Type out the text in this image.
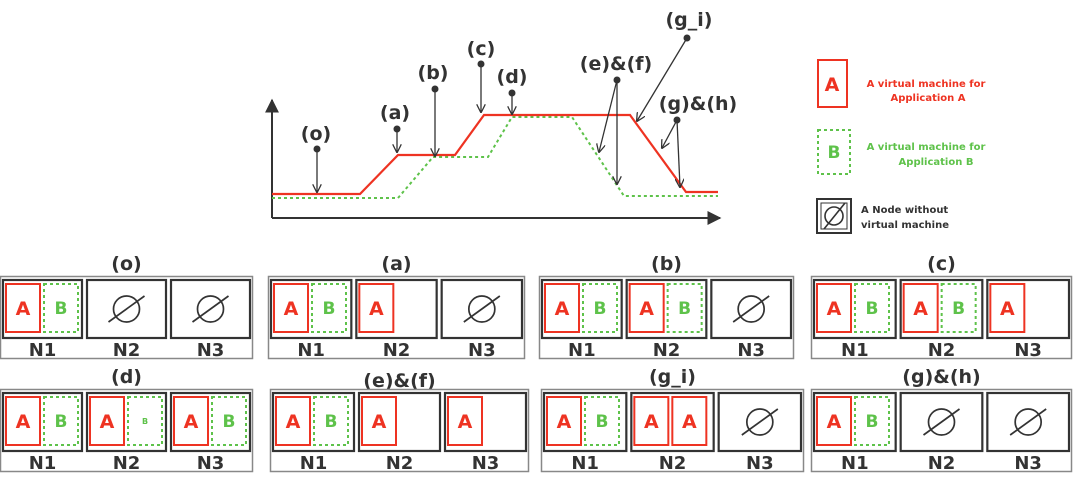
(o)
(a)
(b)
(c)
(d)
(e)&(f)
(g_i)
(g)&(h)
A	A virtual machine for
Application A
B	A virtual machine for
Application B
A Node without
virtual machine
(o)
A B
N1	N2	N3
(a)
A B
N1
A
N2	N3
(b)
A B
N1
A B
N2	N3
(c)
A B
N1
A B
N2
A
N3
(d)
A B
N1
A	B
N2
A B
N3
(e)&(f)
A B
N1
A
N2
A
N3
(g_i)
A B
N1
A A
N2	N3
(g)&(h)
A B
N1	N2	N3
